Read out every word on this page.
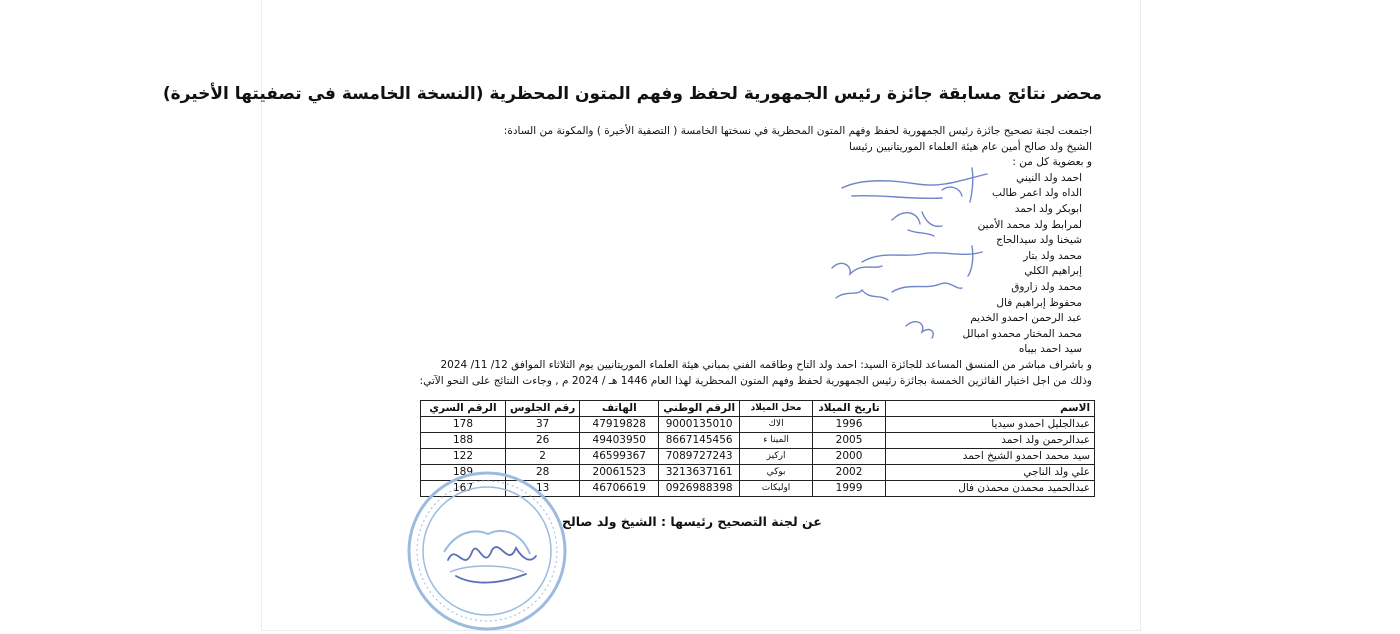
محضر نتائج مسابقة جائزة رئيس الجمهورية لحفظ وفهم المتون المحظرية (النسخة الخامسة في تصفيتها الأخيرة)
اجتمعت لجنة تصحيح جائزة رئيس الجمهورية لحفظ وفهم المتون المحظرية في نسختها الخامسة ( التصفية الأخيرة ) والمكونة من السادة:
الشيخ ولد صالح أمين عام هيئة العلماء الموريتانيين رئيسا
و بعضوية كل من :
احمد ولد النيني
الداه ولد اعمر طالب
ابوبكر ولد احمد
لمرابط ولد محمد الأمين
شيخنا ولد سيدالحاج
محمد ولد بتار
إبراهيم الكلي
محمد ولد زاروق
محفوظ إبراهيم فال
عبد الرحمن احمدو الخديم
محمد المختار محمدو امبالل
سيد احمد بيباه
و باشراف مباشر من المنسق المساعد للجائزة السيد: احمد ولد التاح وطاقمه الفني بمباني هيئة العلماء الموريتانيين يوم الثلاثاء الموافق 12/ 11/ 2024
وذلك من اجل اختيار الفائزين الخمسة بجائزة رئيس الجمهورية لحفظ وفهم المتون المحظرية لهذا العام 1446 هـ / 2024 م , وجاءت النتائج على النحو الآتي:
الاسم	تاريخ الميلاد	محل الميلاد	الرقم الوطني	الهاتف	رقم الجلوس	الرقم السري
عبدالجليل احمدو سيديا	1996	الاك	9000135010	47919828	37	178
عبدالرحمن ولد احمد	2005	المينا ء	8667145456	49403950	26	188
سيد محمد احمدو الشيخ احمد	2000	اركيز	7089727243	46599367	2	122
علي ولد الناجي	2002	بوكي	3213637161	20061523	28	189
عبدالحميد محمدن محمذن فال	1999	اوليكات	0926988398	46706619	13	167
عن لجنة التصحيح رئيسها : الشيخ ولد صالح
